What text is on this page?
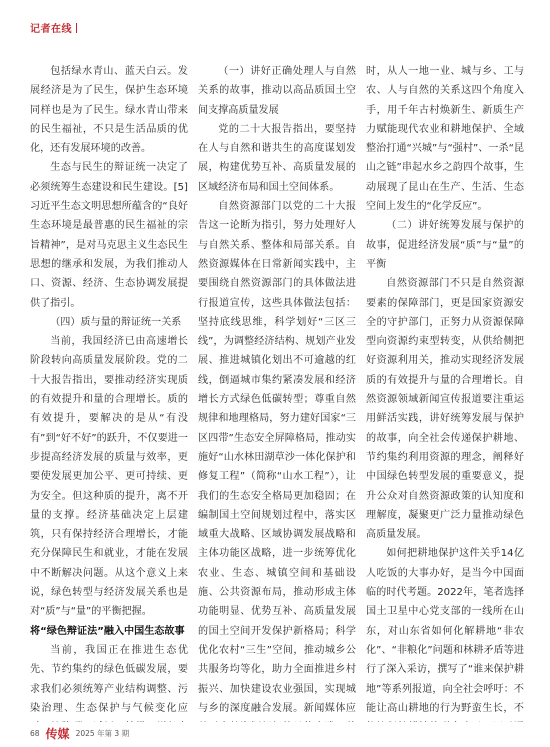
记者在线

包括绿水青山、蓝天白云。发展经济是为了民生，保护生态环境同样也是为了民生。绿水青山带来的民生福祉，不只是生活品质的优化，还有发展环境的改善。

生态与民生的辩证统一决定了必须统筹生态建设和民生建设。[5]习近平生态文明思想所蕴含的“良好生态环境是最普惠的民生福祉的宗旨精神”，是对马克思主义生态民生思想的继承和发展，为我们推动人口、资源、经济、生态协调发展提供了指引。

（四）质与量的辩证统一关系

当前，我国经济已由高速增长阶段转向高质量发展阶段。党的二十大报告指出，要推动经济实现质的有效提升和量的合理增长。质的有效提升，要解决的是从“有没有”到“好不好”的跃升，不仅要进一步提高经济发展的质量与效率，更要使发展更加公平、更可持续、更为安全。但这种质的提升，离不开量的支撑。经济基础决定上层建筑，只有保持经济合理增长，才能充分保障民生和就业，才能在发展中不断解决问题。从这个意义上来说，绿色转型与经济发展关系也是对“质”与“量”的平衡把握。

将“绿色辩证法”融入中国生态故事

当前，我国正在推进生态优先、节约集约的绿色低碳发展，要求我们必须统筹产业结构调整、污染治理、生态保护与气候变化应

（一）讲好正确处理人与自然关系的故事，推动以高品质国土空间支撑高质量发展

党的二十大报告指出，要坚持在人与自然和谐共生的高度谋划发展，构建优势互补、高质量发展的区域经济布局和国土空间体系。

自然资源部门以党的二十大报告这一论断为指引，努力处理好人与自然关系、整体和局部关系。自然资源媒体在日常新闻实践中，主要围绕自然资源部门的具体做法进行报道宣传，这些具体做法包括：坚持底线思维，科学划好“三区三线”，为调整经济结构、规划产业发展、推进城镇化划出不可逾越的红线，倒逼城市集约紧凑发展和经济增长方式绿色低碳转型；尊重自然规律和地理格局，努力建好国家“三区四带”生态安全屏障格局，推动实施好“山水林田湖草沙一体化保护和修复工程”（简称“山水工程”），让我们的生态安全格局更加稳固；在编制国土空间规划过程中，落实区域重大战略、区域协调发展战略和主体功能区战略，进一步统筹优化农业、生态、城镇空间和基础设施、公共资源布局，推动形成主体功能明显、优势互补、高质量发展的国土空间开发保护新格局；科学优化农村“三生”空间，推动城乡公共服务均等化，助力全面推进乡村振兴、加快建设农业强国，实现城与乡的深度融合发展。新闻媒体应

时，从人一地一业、城与乡、工与农、人与自然的关系这四个角度入手，用千年古村焕新生、新质生产力赋能现代农业和耕地保护、全域整治打通“兴城”与“强村”、一杀“昆山之链”串起水乡之韵四个故事，生动展现了昆山在生产、生活、生态空间上发生的“化学反应”。

（二）讲好统筹发展与保护的故事，促进经济发展“质”与“量”的平衡

自然资源部门不只是自然资源要素的保障部门，更是国家资源安全的守护部门，正努力从资源保障型向资源约束型转变，从供给侧把好资源利用关，推动实现经济发展质的有效提升与量的合理增长。自然资源领域新闻宣传报道要注重运用鲜活实践，讲好统筹发展与保护的故事，向全社会传递保护耕地、节约集约利用资源的理念，阐释好中国绿色转型发展的重要意义，提升公众对自然资源政策的认知度和理解度，凝聚更广泛力量推动绿色高质量发展。

如何把耕地保护这件关乎14亿人吃饭的大事办好，是当今中国面临的时代考题。2022年，笔者选择国土卫星中心党支部的一线所在山东，对山东省如何化解耕地“非农化”、“非粮化”问题和林耕矛盾等进行了深入采访，撰写了“谁来保护耕地”等系列报道，向全社会呼吁：不能让高山耕地的行为野蛮生长，不

68 传媒 2025 年第 3 期
